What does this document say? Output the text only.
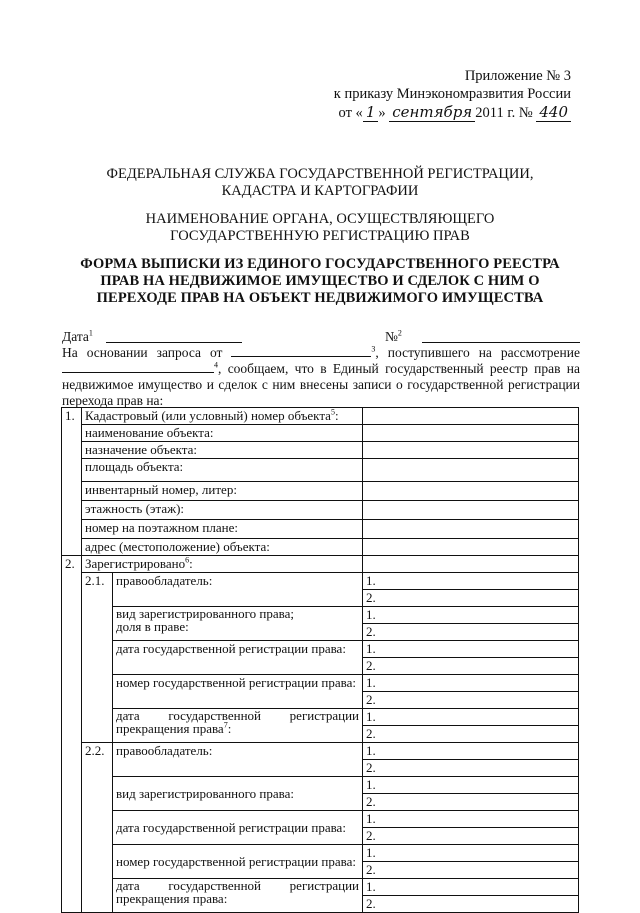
Приложение № 3
к приказу Минэкономразвития России
от « 1 » сентября 2011 г. № 440
ФЕДЕРАЛЬНАЯ СЛУЖБА ГОСУДАРСТВЕННОЙ РЕГИСТРАЦИИ, КАДАСТРА И КАРТОГРАФИИ
НАИМЕНОВАНИЕ ОРГАНА, ОСУЩЕСТВЛЯЮЩЕГО ГОСУДАРСТВЕННУЮ РЕГИСТРАЦИЮ ПРАВ
ФОРМА ВЫПИСКИ ИЗ ЕДИНОГО ГОСУДАРСТВЕННОГО РЕЕСТРА ПРАВ НА НЕДВИЖИМОЕ ИМУЩЕСТВО И СДЕЛОК С НИМ О ПЕРЕХОДЕ ПРАВ НА ОБЪЕКТ НЕДВИЖИМОГО ИМУЩЕСТВА
Дата$^1$	№$^2$

На основании запроса от	$^3$, поступившего на рассмотрение

$^4$, сообщаем, что в Единый государственный реестр прав на недвижимое имущество и сделок с ним внесены записи о государственной регистрации перехода прав на:

1.	Кадастровый (или условный) номер объекта$^5$:		
	наименование объекта:		
	назначение объекта:		
	площадь объекта:		
	инвентарный номер, литер:		
	этажность (этаж):		
	номер на поэтажном плане:		
	адрес (местоположение) объекта:		
2.	Зарегистрировано$^6$:		
	2.1.	правообладатель:	1.
			2.

		вид зарегистрированного права;
доля в праве:	1.
			2.
		дата государственной регистрации права:	1.
			2.
		номер государственной регистрации права:	1.
			2.

		дата государственной регистрации
прекращения права$^7$:	1.
			2.
	2.2.	правообладатель:	1.
			2.
		вид зарегистрированного права:	1.
			2.
		дата государственной регистрации права:	1.
			2.
		номер государственной регистрации права:	1.
			2.

		дата государственной регистрации
прекращения права:	1.
			2.
